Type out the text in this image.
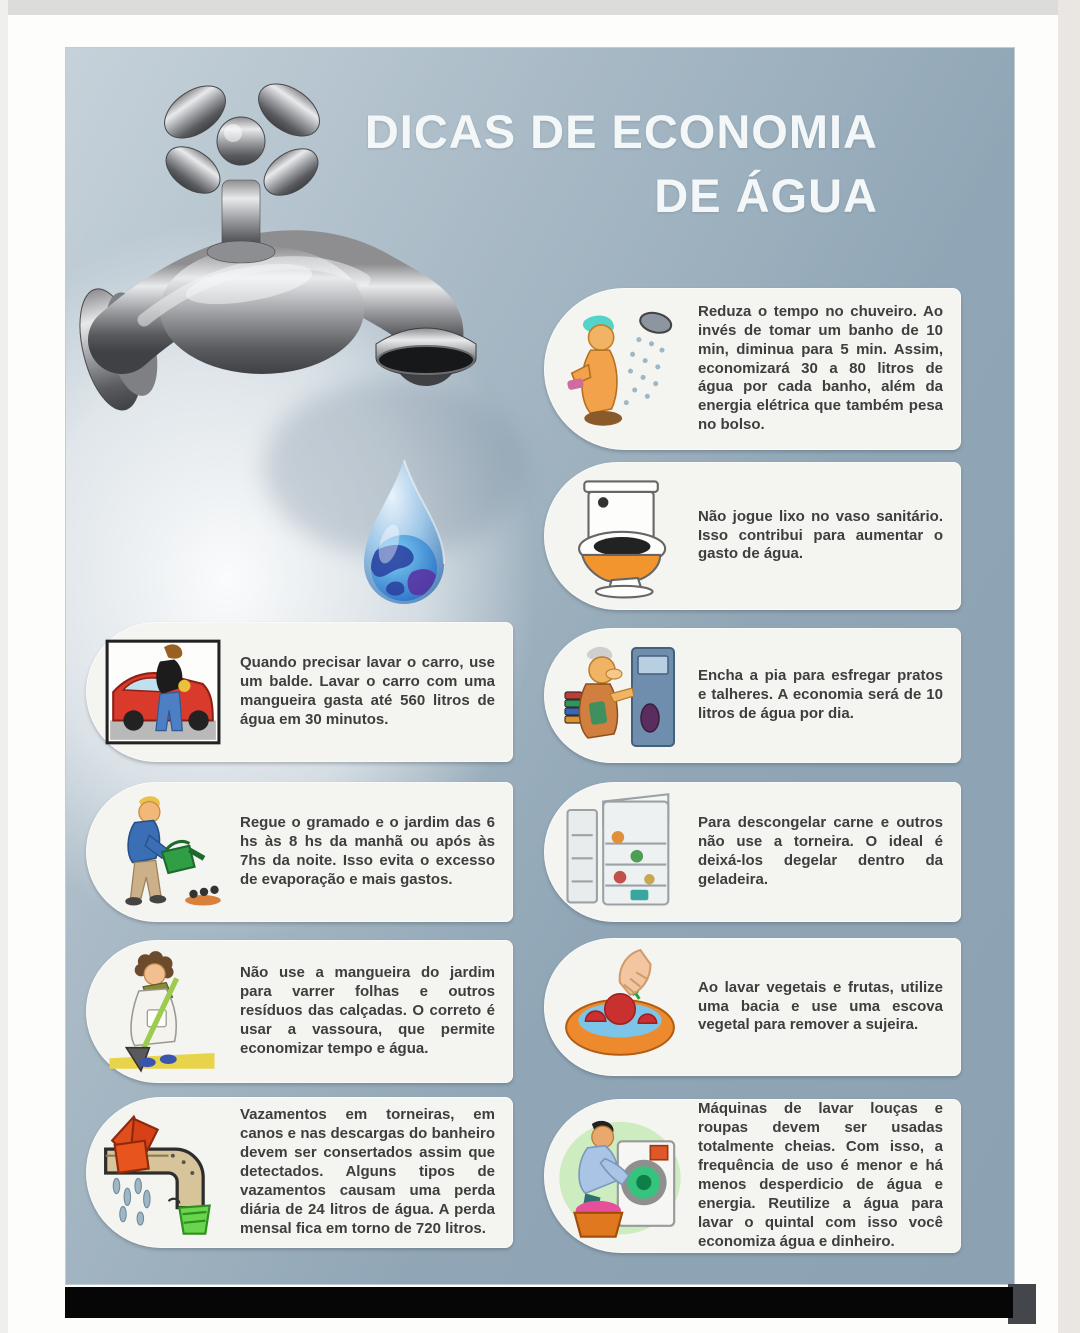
DICAS DE ECONOMIA
DE ÁGUA

Reduza o tempo no chuveiro. Ao invés de tomar um banho de 10 min, diminua para 5 min. Assim, economizará 30 a 80 litros de água por cada banho, além da energia elétrica que também pesa no bolso.

Não jogue lixo no vaso sanitário. Isso contribui para aumentar o gasto de água.

Encha a pia para esfregar pratos e talheres. A economia será de 10 litros de água por dia.

Para descongelar carne e outros não use a torneira. O ideal é deixá-los degelar dentro da geladeira.

Ao lavar vegetais e frutas, utilize uma bacia e use uma escova vegetal para remover a sujeira.

Máquinas de lavar louças e roupas devem ser usadas totalmente cheias. Com isso, a frequência de uso é menor e há menos desperdicio de água e energia. Reutilize a água para lavar o quintal com isso você economiza água e dinheiro.

Quando precisar lavar o carro, use um balde. Lavar o carro com uma mangueira gasta até 560 litros de água em 30 minutos.

Regue o gramado e o jardim das 6 hs às 8 hs da manhã ou após às 7hs da noite. Isso evita o excesso de evaporação e mais gastos.

Não use a mangueira do jardim para varrer folhas e outros resíduos das calçadas. O correto é usar a vassoura, que permite economizar tempo e água.

Vazamentos em torneiras, em canos e nas descargas do banheiro devem ser consertados assim que detectados. Alguns tipos de vazamentos causam uma perda diária de 24 litros de água. A perda mensal fica em torno de 720 litros.
